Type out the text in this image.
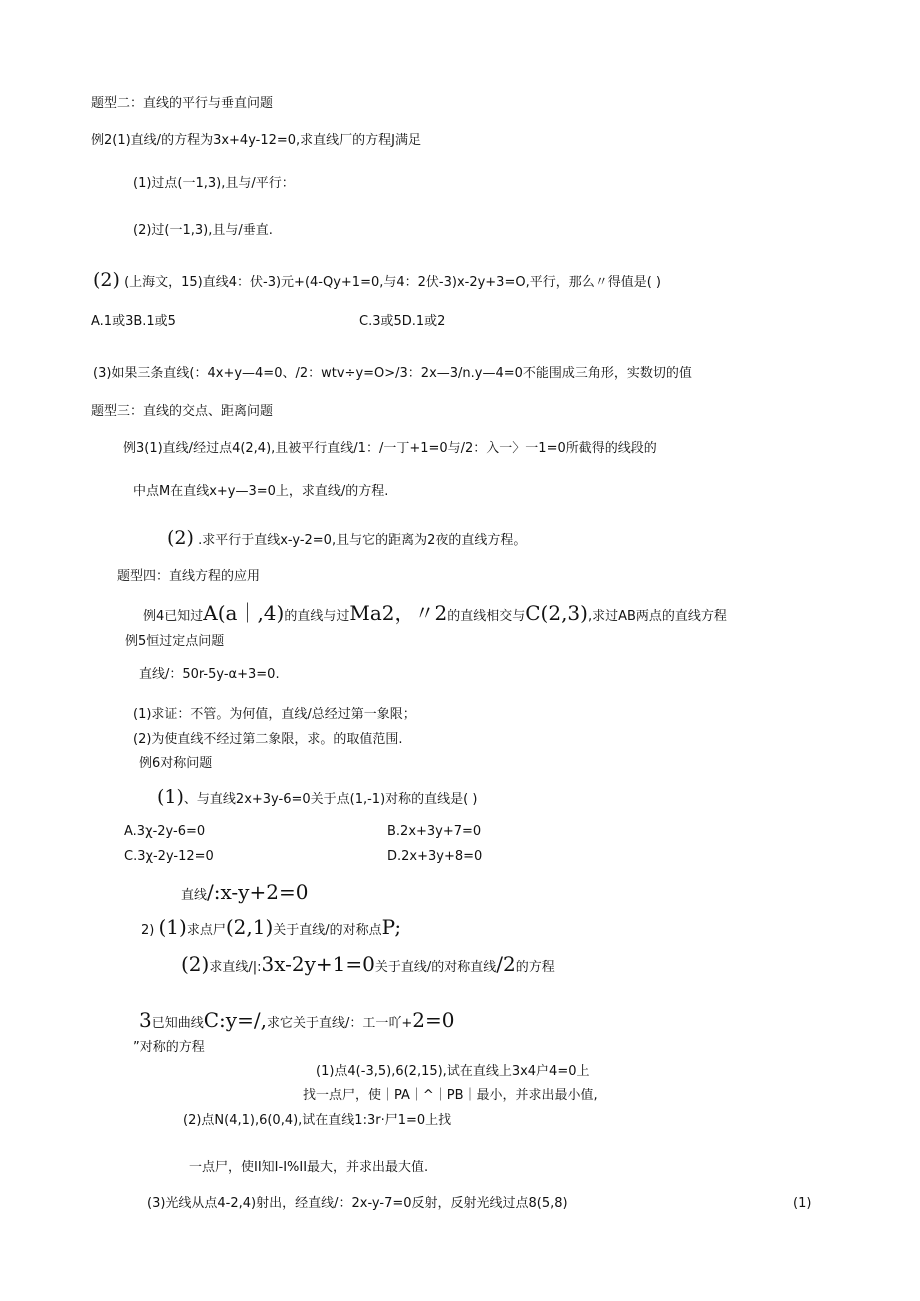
题型二：直线的平行与垂直问题
例2(1)直线/的方程为3x+4y-12=0,求直线厂的方程J满足
(1)过点(一1,3),且与/平行：
(2)过(一1,3),且与/垂直.
(2) (上海文，15)直线4：伏-3)元+(4-Qy+1=0,与4：2伏-3)x-2y+3=O,平行，那么〃得值是( )
A.1或3B.1或5	C.3或5D.1或2
(3)如果三条直线(：4x+y—4=0、/2：wtv÷y=O>/3：2x—3/n.y—4=0不能围成三角形，实数切的值
题型三：直线的交点、距离问题
例3(1)直线/经过点4(2,4),且被平行直线/1：/一丁+1=0与/2：入一〉一1=0所截得的线段的
中点M在直线x+y—3=0上，求直线/的方程.
(2) .求平行于直线x-y-2=0,且与它的距离为2夜的直线方程。
题型四：直线方程的应用
例4已知过A(a｜,4)的直线与过Ma2，〃2的直线相交与C(2,3),求过AB两点的直线方程
例5恒过定点问题
直线/：50r-5y-α+3=0.
(1)求证：不管。为何值，直线/总经过第一象限；
(2)为使直线不经过第二象限，求。的取值范围.
例6对称问题
(1)、与直线2x+3y-6=0关于点(1,-1)对称的直线是( )
A.3χ-2y-6=0	B.2x+3y+7=0
C.3χ-2y-12=0	D.2x+3y+8=0
直线/:x-y+2=0
2) (1)求点尸(2,1)关于直线/的对称点P;
(2)求直线/|:3x-2y+1=0关于直线/的对称直线/2的方程
3已知曲线C:y=/,求它关于直线/：工一吖+2=0
”对称的方程
(1)点4(-3,5),6(2,15),试在直线上3x4户4=0上
找一点尸，使｜PA｜^｜PB｜最小，并求出最小值,
(2)点N(4,1),6(0,4),试在直线1:3r·尸1=0上找
一点尸，使II知I-I%II最大，并求出最大值.
(3)光线从点4-2,4)射出，经直线/：2x-y-7=0反射，反射光线过点8(5,8)	(1)
